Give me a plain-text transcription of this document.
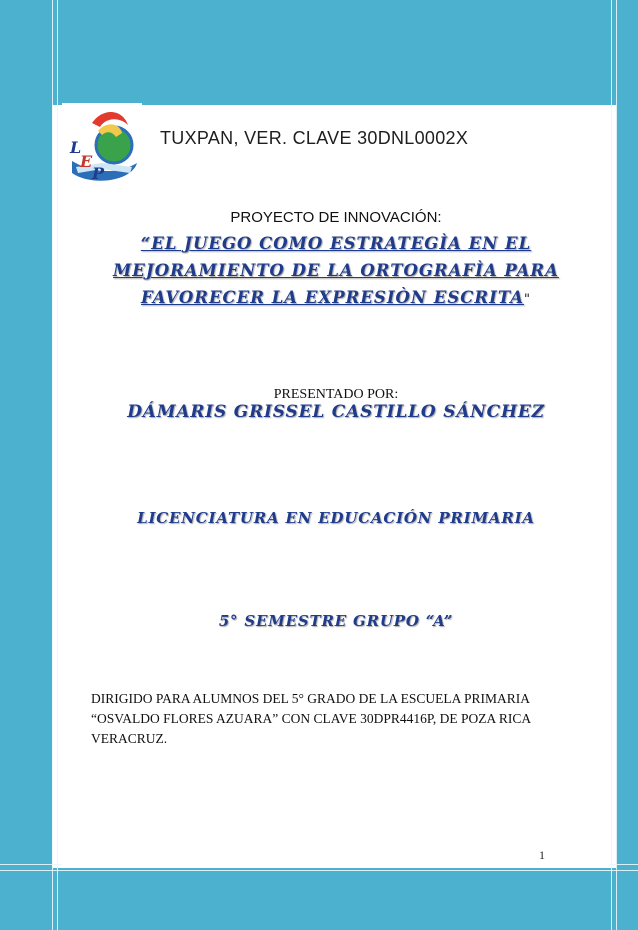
L
E
P
TUXPAN, VER. CLAVE 30DNL0002X
PROYECTO DE INNOVACIÓN:
“EL JUEGO COMO ESTRATEGÌA EN EL
MEJORAMIENTO DE LA ORTOGRAFÌA PARA
FAVORECER LA EXPRESIÒN ESCRITA"
PRESENTADO POR:
DÁMARIS GRISSEL CASTILLO SÁNCHEZ
LICENCIATURA EN EDUCACIÓN PRIMARIA
5° SEMESTRE GRUPO “A”
DIRIGIDO PARA ALUMNOS DEL 5° GRADO DE LA ESCUELA PRIMARIA “OSVALDO FLORES AZUARA” CON CLAVE 30DPR4416P, DE POZA RICA VERACRUZ.
1
